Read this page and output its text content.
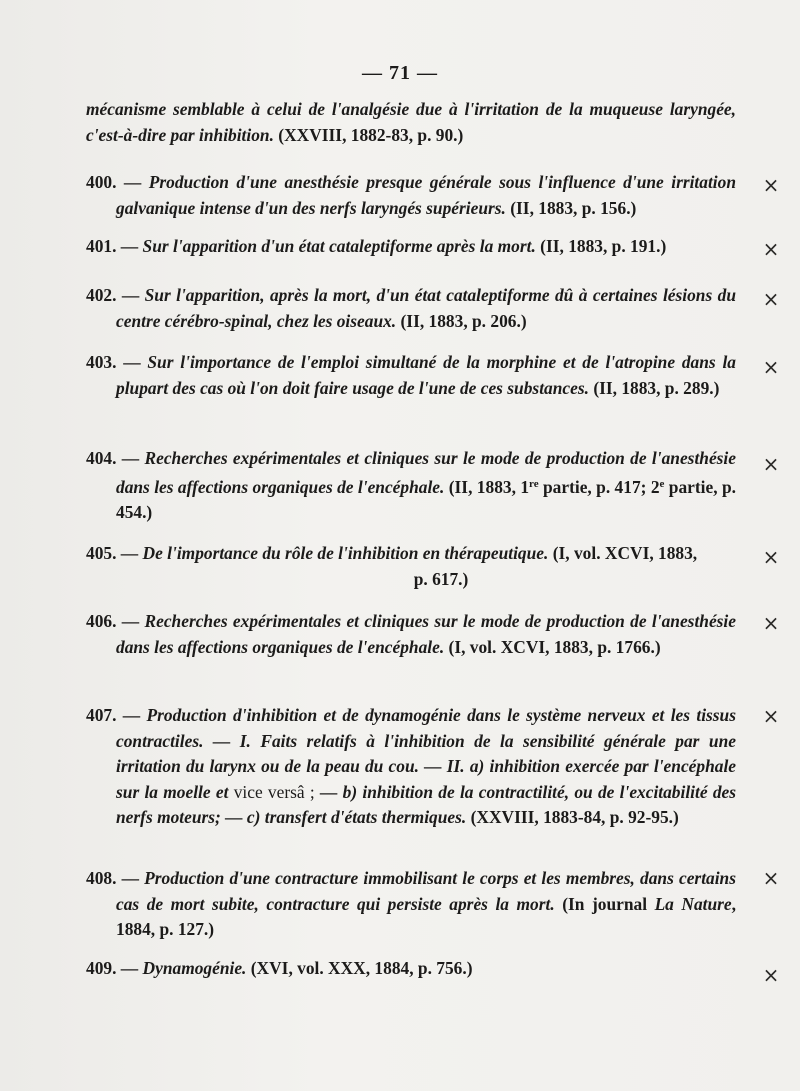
— 71 —
mécanisme semblable à celui de l'analgésie due à l'irritation de la muqueuse laryngée, c'est-à-dire par inhibition. (XXVIII, 1882-83, p. 90.)
400. — Production d'une anesthésie presque générale sous l'influence d'une irritation galvanique intense d'un des nerfs laryngés supérieurs. (II, 1883, p. 156.)
×
401. — Sur l'apparition d'un état cataleptiforme après la mort. (II, 1883, p. 191.)	×
402. — Sur l'apparition, après la mort, d'un état cataleptiforme dû à certaines lésions du centre cérébro-spinal, chez les oiseaux. (II, 1883, p. 206.)
×
403. — Sur l'importance de l'emploi simultané de la morphine et de l'atropine dans la plupart des cas où l'on doit faire usage de l'une de ces substances. (II, 1883, p. 289.)
×
404. — Recherches expérimentales et cliniques sur le mode de production de l'anesthésie dans les affections organiques de l'encéphale. (II, 1883, 1re partie, p. 417; 2e partie, p. 454.)
×
405. — De l'importance du rôle de l'inhibition en thérapeutique. (I, vol. XCVI, 1883,
p. 617.)
×
406. — Recherches expérimentales et cliniques sur le mode de production de l'anesthésie dans les affections organiques de l'encéphale. (I, vol. XCVI, 1883, p. 1766.)
×
407. — Production d'inhibition et de dynamogénie dans le système nerveux et les tissus contractiles. — I. Faits relatifs à l'inhibition de la sensibilité générale par une irritation du larynx ou de la peau du cou. — II. a) inhibition exercée par l'encéphale sur la moelle et vice versâ ; — b) inhibition de la contractilité, ou de l'excitabilité des nerfs moteurs; — c) transfert d'états thermiques. (XXVIII, 1883-84, p. 92-95.)
×
408. — Production d'une contracture immobilisant le corps et les membres, dans certains cas de mort subite, contracture qui persiste après la mort. (In journal La Nature, 1884, p. 127.)
×
409. — Dynamogénie. (XVI, vol. XXX, 1884, p. 756.)	×
